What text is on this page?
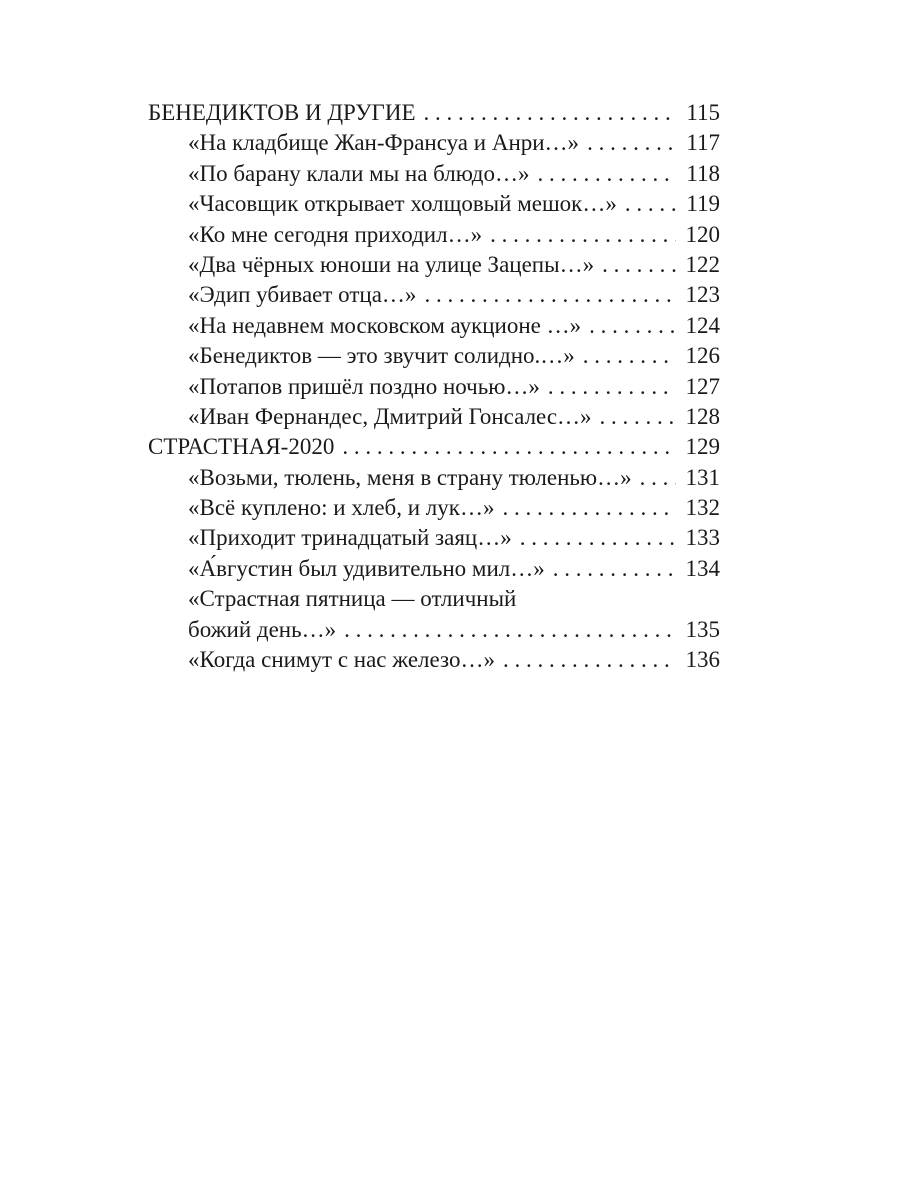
БЕНЕДИКТОВ И ДРУГИЕ . . .	115
«На кладбище Жан-Франсуа и Анри…» . . .	117
«По барану клали мы на блюдо…» . . .	118
«Часовщик открывает холщовый мешок…» . . .	119
«Ко мне сегодня приходил…» . . .	120
«Два чёрных юноши на улице Зацепы…» . . .	122
«Эдип убивает отца…» . . .	123
«На недавнем московском аукционе …» . . .	124
«Бенедиктов — это звучит солидно.…» . . .	126
«Потапов пришёл поздно ночью…» . . .	127
«Иван Фернандес, Дмитрий Гонсалес…» . . .	128
СТРАСТНАЯ-2020 . . .	129
«Возьми, тюлень, меня в страну тюленью…» . . . 131
«Всё куплено: и хлеб, и лук…» . . .	132
«Приходит тринадцатый заяц…» . . .	133
«А́вгустин был удивительно мил…» . . .	134
«Страстная пятница — отличный
божий день…» . . .	135
«Когда снимут с нас железо…» . . .	136
